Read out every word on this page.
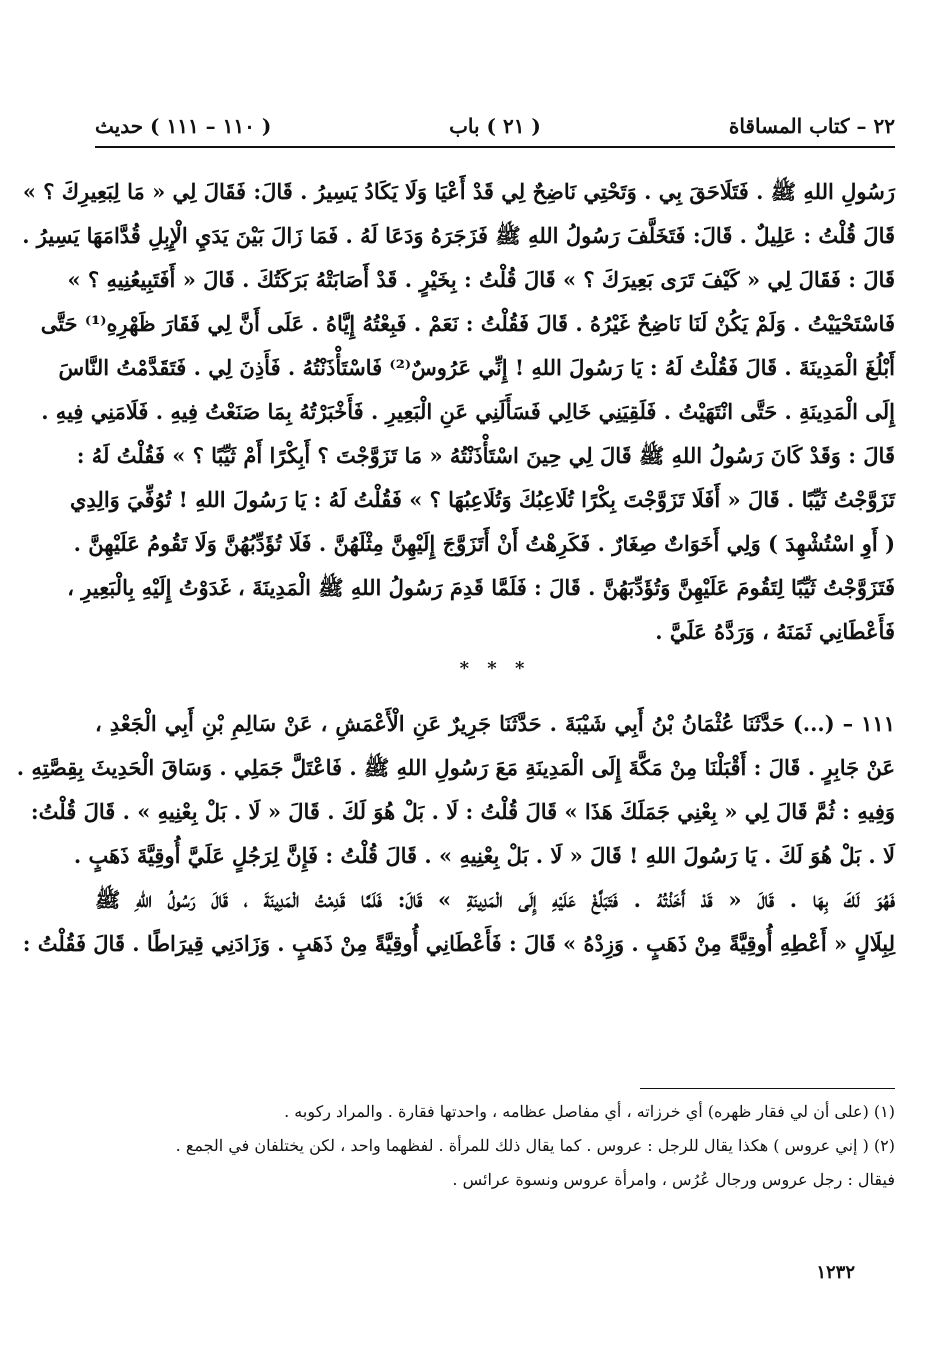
٢٢ – كتاب المساقاة
( ٢١ ) باب
( ١١٠ – ١١١ ) حديث
رَسُولِ اللهِ ﷺ . فَتَلَاحَقَ بِي . وَتَحْتِي نَاضِحٌ لِي قَدْ أَعْيَا وَلَا يَكَادُ يَسِيرُ . قَالَ: فَقَالَ لِي « مَا لِبَعِيرِكَ ؟ »
قَالَ قُلْتُ : عَلِيلٌ . قَالَ: فَتَخَلَّفَ رَسُولُ اللهِ ﷺ فَزَجَرَهُ وَدَعَا لَهُ . فَمَا زَالَ بَيْنَ يَدَيِ الْإِبِلِ قُدَّامَهَا يَسِيرُ .
قَالَ : فَقَالَ لِي « كَيْفَ تَرَى بَعِيرَكَ ؟ » قَالَ قُلْتُ : بِخَيْرٍ . قَدْ أَصَابَتْهُ بَرَكَتُكَ . قَالَ « أَفَتَبِيعُنِيهِ ؟ »
فَاسْتَحْيَيْتُ . وَلَمْ يَكُنْ لَنَا نَاضِحٌ غَيْرُهُ . قَالَ فَقُلْتُ : نَعَمْ . فَبِعْتُهُ إِيَّاهُ . عَلَى أَنَّ لِي فَقَارَ ظَهْرِهِ⁽¹⁾ حَتَّى
أَبْلُغَ الْمَدِينَةَ . قَالَ فَقُلْتُ لَهُ : يَا رَسُولَ اللهِ ! إِنِّي عَرُوسٌ⁽²⁾ فَاسْتَأْذَنْتُهُ . فَأَذِنَ لِي . فَتَقَدَّمْتُ النَّاسَ
إِلَى الْمَدِينَةِ . حَتَّى انْتَهَيْتُ . فَلَقِيَنِي خَالِي فَسَأَلَنِي عَنِ الْبَعِيرِ . فَأَخْبَرْتُهُ بِمَا صَنَعْتُ فِيهِ . فَلَامَنِي فِيهِ .
قَالَ : وَقَدْ كَانَ رَسُولُ اللهِ ﷺ قَالَ لِي حِينَ اسْتَأْذَنْتُهُ « مَا تَزَوَّجْتَ ؟ أَبِكْرًا أَمْ ثَيِّبًا ؟ » فَقُلْتُ لَهُ :
تَزَوَّجْتُ ثَيِّبًا . قَالَ « أَفَلَا تَزَوَّجْتَ بِكْرًا تُلَاعِبُكَ وَتُلَاعِبُهَا ؟ » فَقُلْتُ لَهُ : يَا رَسُولَ اللهِ ! تُوُفِّيَ وَالِدِي
( أَوِ اسْتُشْهِدَ ) وَلِي أَخَوَاتٌ صِغَارٌ . فَكَرِهْتُ أَنْ أَتَزَوَّجَ إِلَيْهِنَّ مِثْلَهُنَّ . فَلَا تُؤَدِّبُهُنَّ وَلَا تَقُومُ عَلَيْهِنَّ .
فَتَزَوَّجْتُ ثَيِّبًا لِتَقُومَ عَلَيْهِنَّ وَتُؤَدِّبَهُنَّ . قَالَ : فَلَمَّا قَدِمَ رَسُولُ اللهِ ﷺ الْمَدِينَةَ ، غَدَوْتُ إِلَيْهِ بِالْبَعِيرِ ،
فَأَعْطَانِي ثَمَنَهُ ، وَرَدَّهُ عَلَيَّ .
* * *
١١١ – (...) حَدَّثَنَا عُثْمَانُ بْنُ أَبِي شَيْبَةَ . حَدَّثَنَا جَرِيرٌ عَنِ الْأَعْمَشِ ، عَنْ سَالِمِ بْنِ أَبِي الْجَعْدِ ،
عَنْ جَابِرٍ . قَالَ : أَقْبَلْنَا مِنْ مَكَّةَ إِلَى الْمَدِينَةِ مَعَ رَسُولِ اللهِ ﷺ . فَاعْتَلَّ جَمَلِي . وَسَاقَ الْحَدِيثَ بِقِصَّتِهِ .
وَفِيهِ : ثُمَّ قَالَ لِي « بِعْنِي جَمَلَكَ هَذَا » قَالَ قُلْتُ : لَا . بَلْ هُوَ لَكَ . قَالَ « لَا . بَلْ بِعْنِيهِ » . قَالَ قُلْتُ:
لَا . بَلْ هُوَ لَكَ . يَا رَسُولَ اللهِ ! قَالَ « لَا . بَلْ بِعْنِيهِ » . قَالَ قُلْتُ : فَإِنَّ لِرَجُلٍ عَلَيَّ أُوقِيَّةَ ذَهَبٍ .
فَهُوَ لَكَ بِهَا . قَالَ « قَدْ أَخَذْتُهُ . فَتَبَلَّغْ عَلَيْهِ إِلَى الْمَدِينَةِ » قَالَ: فَلَمَّا قَدِمْتُ الْمَدِينَةَ ، قَالَ رَسُولُ اللهِ ﷺ
لِبِلَالٍ « أَعْطِهِ أُوقِيَّةً مِنْ ذَهَبٍ . وَزِدْهُ » قَالَ : فَأَعْطَانِي أُوقِيَّةً مِنْ ذَهَبٍ . وَزَادَنِي قِيرَاطًا . قَالَ فَقُلْتُ :
(١) (على أن لي فقار ظهره) أي خرزاته ، أي مفاصل عظامه ، واحدتها فقارة . والمراد ركوبه .
(٢) ( إني عروس ) هكذا يقال للرجل : عروس . كما يقال ذلك للمرأة . لفظهما واحد ، لكن يختلفان في الجمع .
فيقال : رجل عروس ورجال عُرُس ، وامرأة عروس ونسوة عرائس .
١٢٣٢
